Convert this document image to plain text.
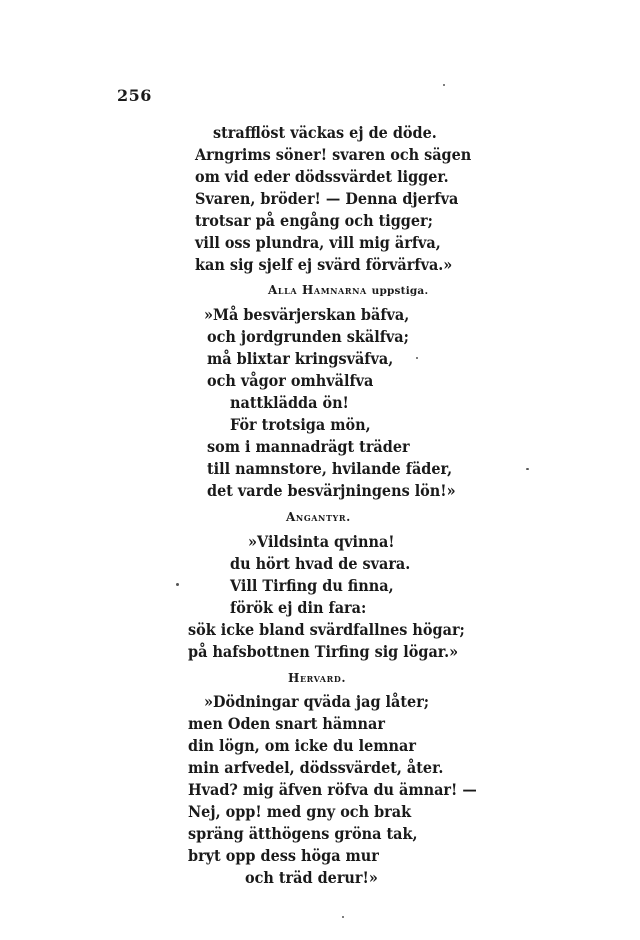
256
strafflöst väckas ej de döde.
Arngrims söner! svaren och sägen
om vid eder dödssvärdet ligger.
Svaren, bröder! — Denna djerfva
trotsar på engång och tigger;
vill oss plundra, vill mig ärfva,
kan sig sjelf ej svärd förvärfva.»
Alla Hamnarna uppstiga.
»Må besvärjerskan bäfva,
och jordgrunden skälfva;
må blixtar kringsväfva,
och vågor omhvälfva
nattklädda ön!
För trotsiga mön,
som i mannadrägt träder
till namnstore, hvilande fäder,
det varde besvärjningens lön!»
Angantyr.
»Vildsinta qvinna!
du hört hvad de svara.
Vill Tirfing du finna,
förök ej din fara:
sök icke bland svärdfallnes högar;
på hafsbottnen Tirfing sig lögar.»
Hervard.
»Dödningar qväda jag låter;
men Oden snart hämnar
din lögn, om icke du lemnar
min arfvedel, dödssvärdet, åter.
Hvad? mig äfven röfva du ämnar! —
Nej, opp! med gny och brak
spräng ätthögens gröna tak,
bryt opp dess höga mur
och träd derur!»
